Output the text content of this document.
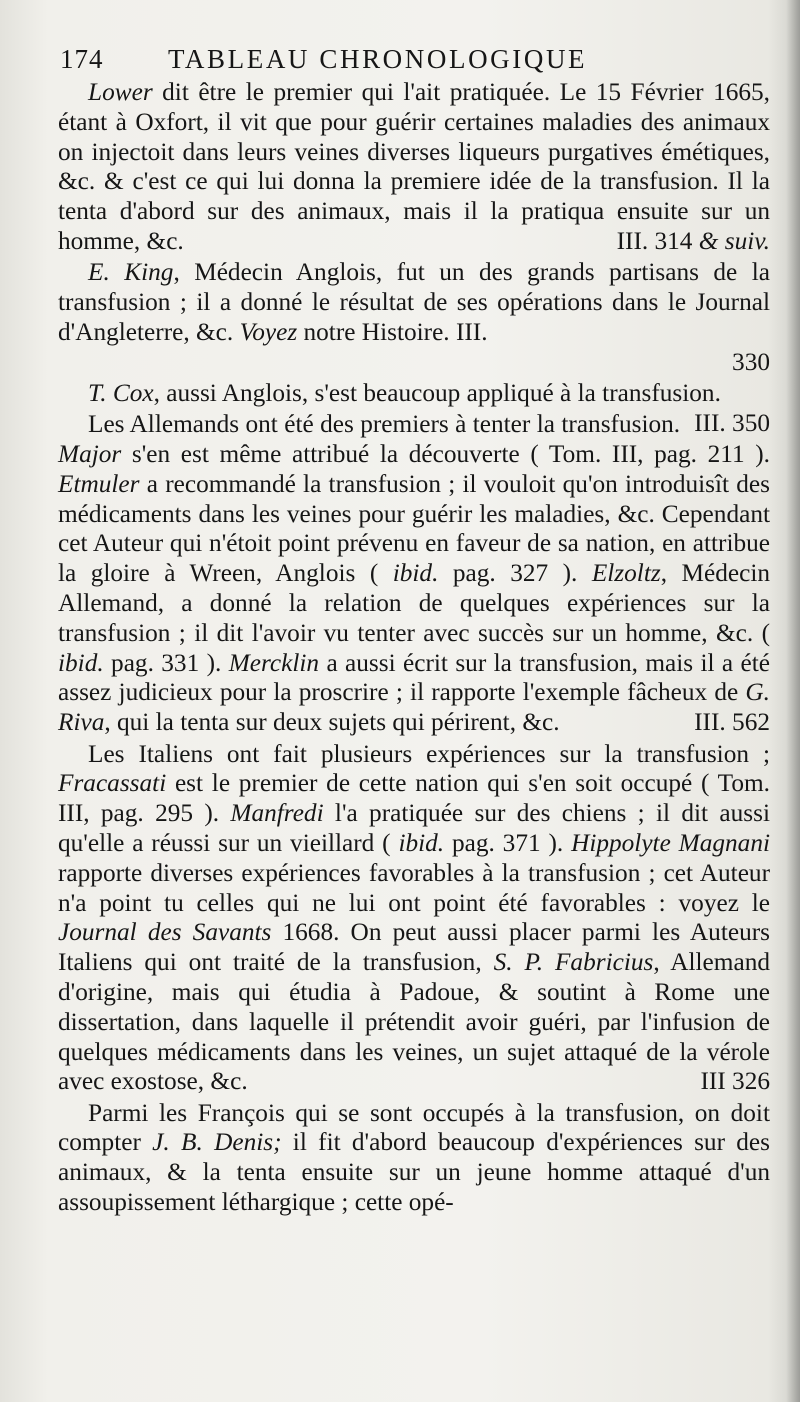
174 TABLEAU CHRONOLOGIQUE

Lower dit être le premier qui l'ait pratiquée. Le 15 Février 1665, étant à Oxfort, il vit que pour guérir certaines maladies des animaux on injectoit dans leurs veines diverses liqueurs purgatives émétiques, &c. & c'est ce qui lui donna la premiere idée de la transfusion. Il la tenta d'abord sur des animaux, mais il la pratiqua ensuite sur un homme, &c.	III. 314 & suiv.

E. King, Médecin Anglois, fut un des grands partisans de la transfusion ; il a donné le résultat de ses opérations dans le Journal d'Angleterre, &c. Voyez notre Histoire. III.
330

T. Cox, aussi Anglois, s'est beaucoup appliqué à la transfusion.
III. 350

Les Allemands ont été des premiers à tenter la transfusion. Major s'en est même attribué la découverte ( Tom. III, pag. 211 ). Etmuler a recommandé la transfusion ; il vouloit qu'on introduisît des médicaments dans les veines pour guérir les maladies, &c. Cependant cet Auteur qui n'étoit point prévenu en faveur de sa nation, en attribue la gloire à Wreen, Anglois ( ibid. pag. 327 ). Elzoltz, Médecin Allemand, a donné la relation de quelques expériences sur la transfusion ; il dit l'avoir vu tenter avec succès sur un homme, &c. ( ibid. pag. 331 ). Mercklin a aussi écrit sur la transfusion, mais il a été assez judicieux pour la proscrire ; il rapporte l'exemple fâcheux de G. Riva, qui la tenta sur deux sujets qui périrent, &c.	III. 562

Les Italiens ont fait plusieurs expériences sur la transfusion ; Fracassati est le premier de cette nation qui s'en soit occupé ( Tom. III, pag. 295 ). Manfredi l'a pratiquée sur des chiens ; il dit aussi qu'elle a réussi sur un vieillard ( ibid. pag. 371 ). Hippolyte Magnani rapporte diverses expériences favorables à la transfusion ; cet Auteur n'a point tu celles qui ne lui ont point été favorables : voyez le Journal des Savants 1668. On peut aussi placer parmi les Auteurs Italiens qui ont traité de la transfusion, S. P. Fabricius, Allemand d'origine, mais qui étudia à Padoue, & soutint à Rome une dissertation, dans laquelle il prétendit avoir guéri, par l'infusion de quelques médicaments dans les veines, un sujet attaqué de la vérole avec exostose, &c.	III 326

Parmi les François qui se sont occupés à la transfusion, on doit compter J. B. Denis; il fit d'abord beaucoup d'expériences sur des animaux, & la tenta ensuite sur un jeune homme attaqué d'un assoupissement léthargique ; cette opé-
